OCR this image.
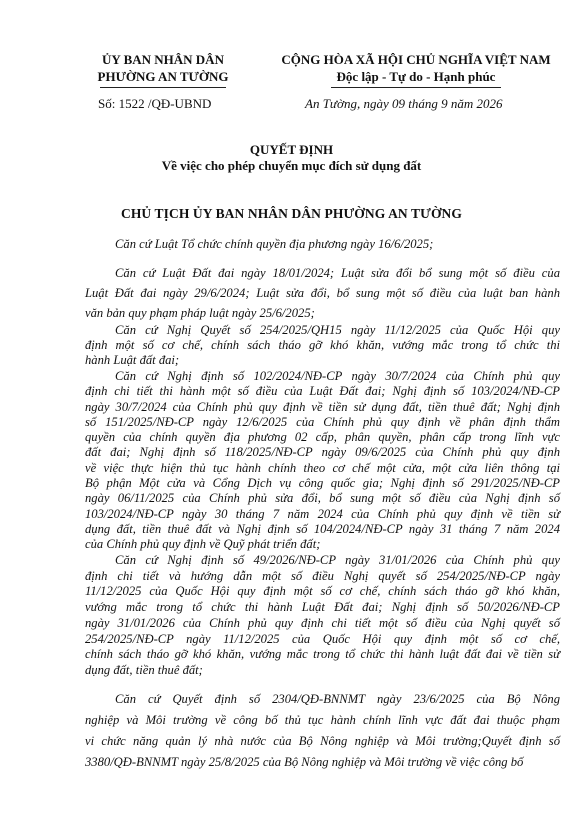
ỦY BAN NHÂN DÂN
PHƯỜNG AN TƯỜNG
CỘNG HÒA XÃ HỘI CHỦ NGHĨA VIỆT NAM
Độc lập - Tự do - Hạnh phúc
Số: 1522 /QĐ-UBND	An Tường, ngày 09 tháng 9 năm 2026
QUYẾT ĐỊNH
Về việc cho phép chuyển mục đích sử dụng đất
CHỦ TỊCH ỦY BAN NHÂN DÂN PHƯỜNG AN TƯỜNG
Căn cứ Luật Tổ chức chính quyền địa phương ngày 16/6/2025;
Căn cứ Luật Đất đai ngày 18/01/2024; Luật sửa đổi bổ sung một số điều của
Luật Đất đai ngày 29/6/2024; Luật sửa đổi, bổ sung một số điều của luật ban hành
văn bản quy phạm pháp luật ngày 25/6/2025;
Căn cứ Nghị Quyết số 254/2025/QH15 ngày 11/12/2025 của Quốc Hội quy
định một số cơ chế, chính sách tháo gỡ khó khăn, vướng mắc trong tổ chức thi
hành Luật đất đai;
Căn cứ Nghị định số 102/2024/NĐ-CP ngày 30/7/2024 của Chính phủ quy
định chi tiết thi hành một số điều của Luật Đất đai; Nghị định số 103/2024/NĐ-CP
ngày 30/7/2024 của Chính phủ quy định về tiền sử dụng đất, tiền thuê đất; Nghị định
số 151/2025/NĐ-CP ngày 12/6/2025 của Chính phủ quy định về phân định thẩm
quyền của chính quyền địa phương 02 cấp, phân quyền, phân cấp trong lĩnh vực
đất đai; Nghị định số 118/2025/NĐ-CP ngày 09/6/2025 của Chính phủ quy định
về việc thực hiện thủ tục hành chính theo cơ chế một cửa, một cửa liên thông tại
Bộ phận Một cửa và Cổng Dịch vụ công quốc gia; Nghị định số 291/2025/NĐ-CP
ngày 06/11/2025 của Chính phủ sửa đổi, bổ sung một số điều của Nghị định số
103/2024/NĐ-CP ngày 30 tháng 7 năm 2024 của Chính phủ quy định về tiền sử
dụng đất, tiền thuê đất và Nghị định số 104/2024/NĐ-CP ngày 31 tháng 7 năm 2024
của Chính phủ quy định về Quỹ phát triển đất;
Căn cứ Nghị định số 49/2026/NĐ-CP ngày 31/01/2026 của Chính phủ quy
định chi tiết và hướng dẫn một số điều Nghị quyết số 254/2025/NĐ-CP ngày
11/12/2025 của Quốc Hội quy định một số cơ chế, chính sách tháo gỡ khó khăn,
vướng mắc trong tổ chức thi hành Luật Đất đai; Nghị định số 50/2026/NĐ-CP
ngày 31/01/2026 của Chính phủ quy định chi tiết một số điều của Nghị quyết số
254/2025/NĐ-CP ngày 11/12/2025 của Quốc Hội quy định một số cơ chế,
chính sách tháo gỡ khó khăn, vướng mắc trong tổ chức thi hành luật đất đai về tiền sử
dụng đất, tiền thuê đất;
Căn cứ Quyết định số 2304/QĐ-BNNMT ngày 23/6/2025 của Bộ Nông
nghiệp và Môi trường về công bố thủ tục hành chính lĩnh vực đất đai thuộc phạm
vi chức năng quản lý nhà nước của Bộ Nông nghiệp và Môi trường;Quyết định số
3380/QĐ-BNNMT ngày 25/8/2025 của Bộ Nông nghiệp và Môi trường về việc công bố
